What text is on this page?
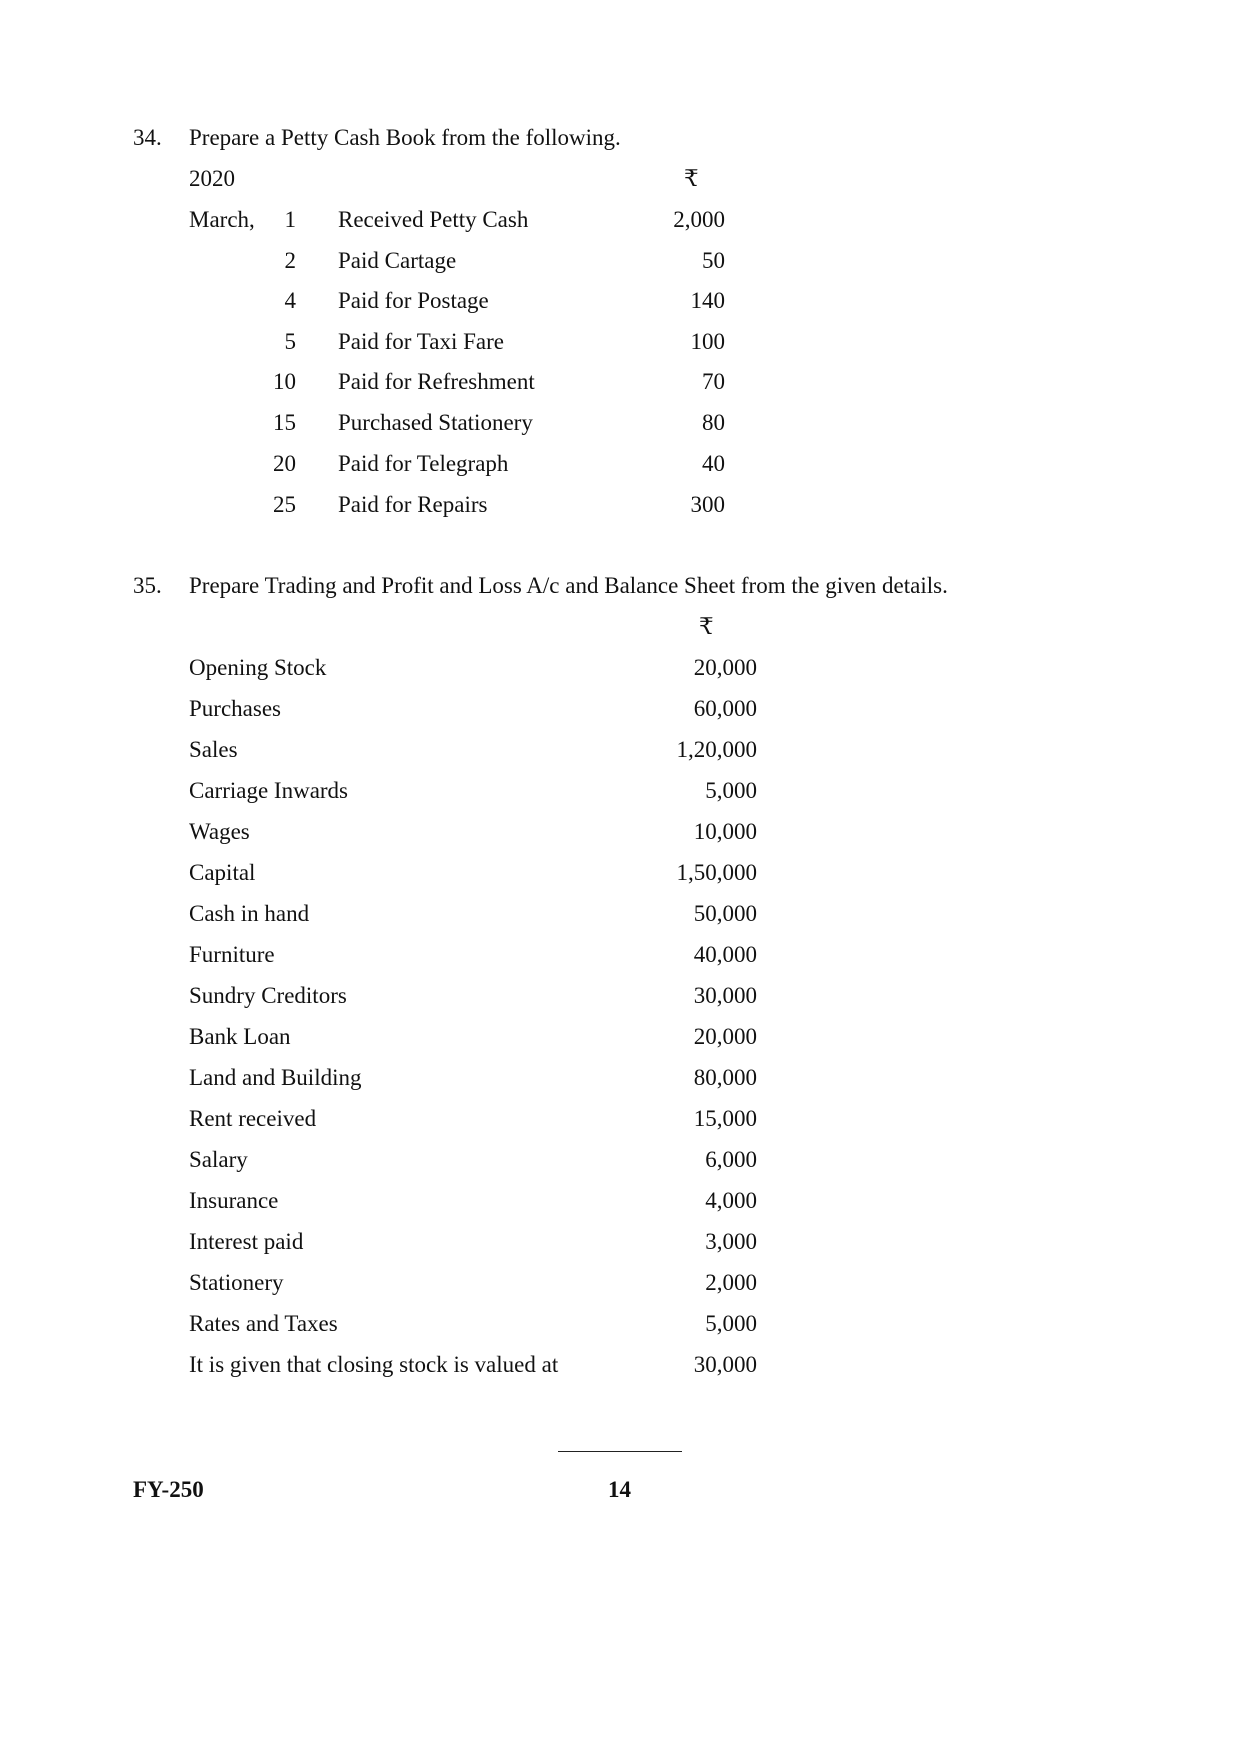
34. Prepare a Petty Cash Book from the following.
2020	₹
March,	1 Received Petty Cash	2,000
2 Paid Cartage	50
4 Paid for Postage	140
5 Paid for Taxi Fare	100
10 Paid for Refreshment	70
15 Purchased Stationery	80
20 Paid for Telegraph	40
25 Paid for Repairs	300
35. Prepare Trading and Profit and Loss A/c and Balance Sheet from the given details.
₹
Opening Stock	20,000
Purchases	60,000
Sales	1,20,000
Carriage Inwards	5,000
Wages	10,000
Capital	1,50,000
Cash in hand	50,000
Furniture	40,000
Sundry Creditors	30,000
Bank Loan	20,000
Land and Building	80,000
Rent received	15,000
Salary	6,000
Insurance	4,000
Interest paid	3,000
Stationery	2,000
Rates and Taxes	5,000
It is given that closing stock is valued at	30,000
FY-250	14
